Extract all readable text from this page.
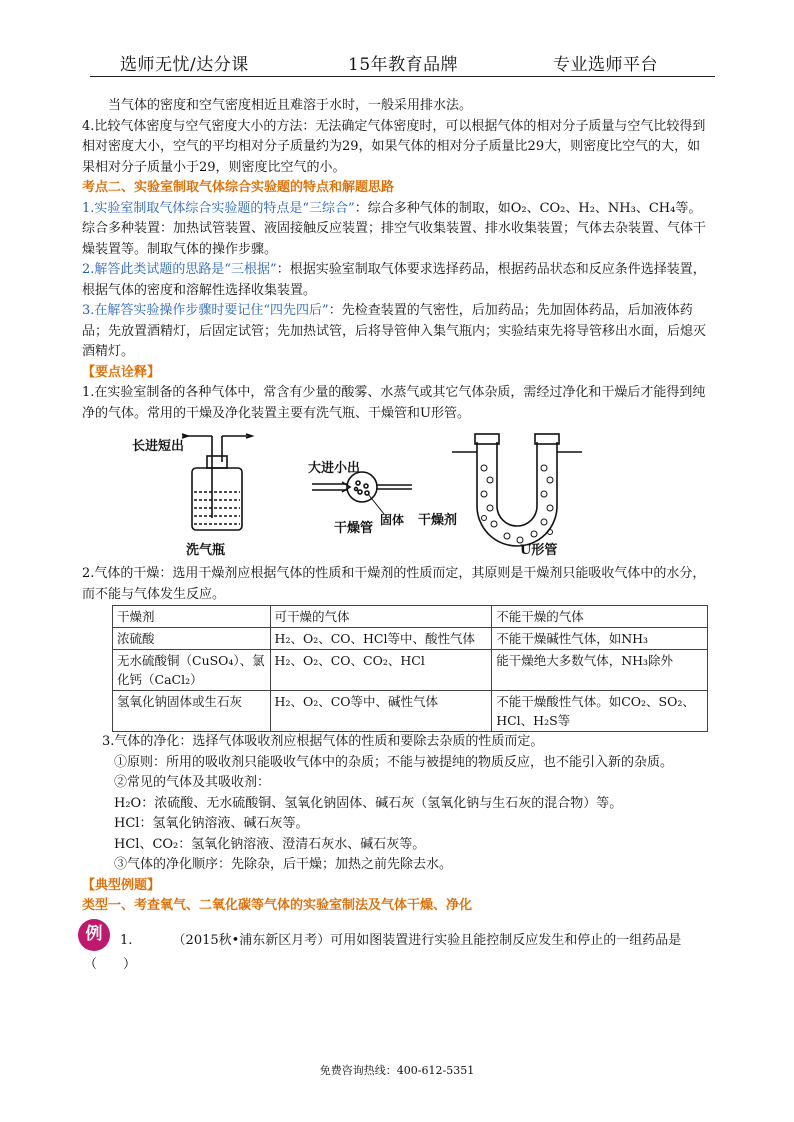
选师无忧/达分课	15年教育品牌	专业选师平台

当气体的密度和空气密度相近且难溶于水时，一般采用排水法。

4.比较气体密度与空气密度大小的方法：无法确定气体密度时，可以根据气体的相对分子质量与空气比较得到相对密度大小，空气的平均相对分子质量约为29，如果气体的相对分子质量比29大，则密度比空气的大，如果相对分子质量小于29，则密度比空气的小。

考点二、实验室制取气体综合实验题的特点和解题思路

1.实验室制取气体综合实验题的特点是“三综合”：综合多种气体的制取，如O₂、CO₂、H₂、NH₃、CH₄等。综合多种装置：加热试管装置、液固接触反应装置；排空气收集装置、排水收集装置；气体去杂装置、气体干燥装置等。制取气体的操作步骤。

2.解答此类试题的思路是“三根据”：根据实验室制取气体要求选择药品，根据药品状态和反应条件选择装置，根据气体的密度和溶解性选择收集装置。

3.在解答实验操作步骤时要记住“四先四后”：先检查装置的气密性，后加药品；先加固体药品，后加液体药品；先放置酒精灯，后固定试管；先加热试管，后将导管伸入集气瓶内；实验结束先将导管移出水面，后熄灭酒精灯。

【要点诠释】

1.在实验室制备的各种气体中，常含有少量的酸雾、水蒸气或其它气体杂质，需经过净化和干燥后才能得到纯净的气体。常用的干燥及净化装置主要有洗气瓶、干燥管和U形管。

长进短出
洗气瓶
大进小出
干燥管
固体 干燥剂
U形管

2.气体的干燥：选用干燥剂应根据气体的性质和干燥剂的性质而定，其原则是干燥剂只能吸收气体中的水分，而不能与气体发生反应。

干燥剂	可干燥的气体	不能干燥的气体
浓硫酸	H₂、O₂、CO、HCl等中、酸性气体	不能干燥碱性气体，如NH₃
无水硫酸铜（CuSO₄）、氯化钙（CaCl₂）	H₂、O₂、CO、CO₂、HCl	能干燥绝大多数气体，NH₃除外
氢氧化钠固体或生石灰	H₂、O₂、CO等中、碱性气体	不能干燥酸性气体。如CO₂、SO₂、HCl、H₂S等

3.气体的净化：选择气体吸收剂应根据气体的性质和要除去杂质的性质而定。

①原则：所用的吸收剂只能吸收气体中的杂质；不能与被提纯的物质反应，也不能引入新的杂质。

②常见的气体及其吸收剂：

H₂O：浓硫酸、无水硫酸铜、氢氧化钠固体、碱石灰（氢氧化钠与生石灰的混合物）等。

HCl：氢氧化钠溶液、碱石灰等。

HCl、CO₂：氢氧化钠溶液、澄清石灰水、碱石灰等。

③气体的净化顺序：先除杂，后干燥；加热之前先除去水。

【典型例题】

类型一、考查氧气、二氧化碳等气体的实验室制法及气体干燥、净化

例	1.	（2015秋•浦东新区月考）可用如图装置进行实验且能控制反应发生和停止的一组药品是
（　　）
免费咨询热线：400-612-5351
